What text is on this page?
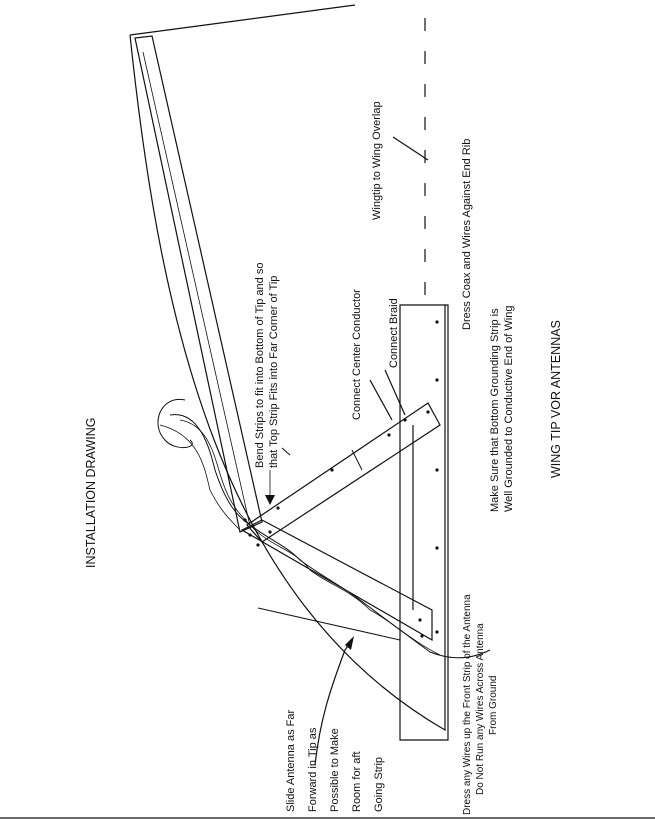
INSTALLATION DRAWING
Bend Strips to fit into Bottom of Tip and so that Top Strip Fits into Far Corner of Tip
Wingtip to Wing Overlap	Dress Coax and Wires Against End Rib
Connect Center Conductor Connect Braid	Make Sure that Bottom Grounding Strip is Well Grounded to Conductive End of Wing	WING TIP VOR ANTENNAS
Slide Antenna as Far Forward in Tip as Possible to Make Room for aft Going Strip	Dress any Wires up the Front Strip of the Antenna Do Not Run any Wires Across Antenna From Ground
